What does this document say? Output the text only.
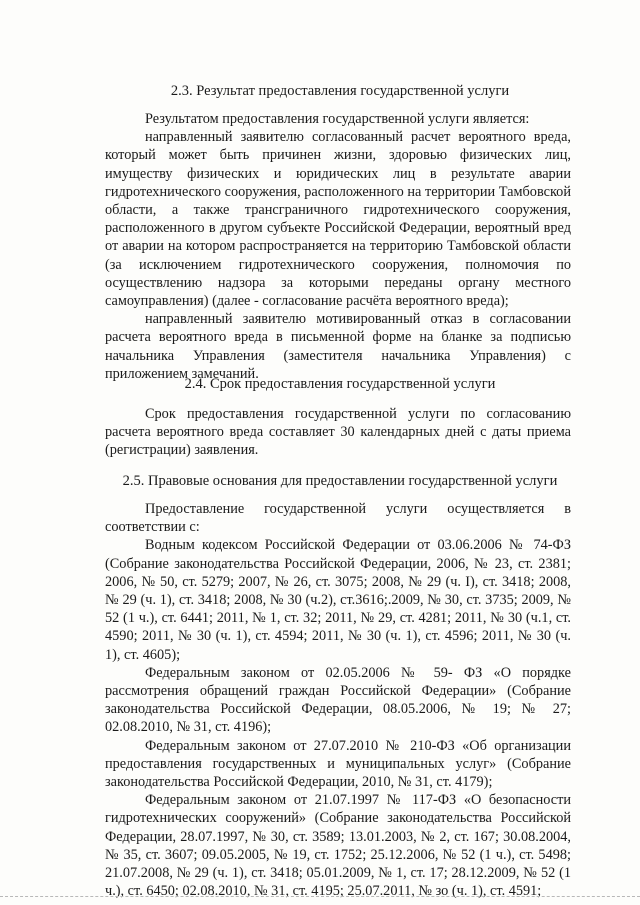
2.3. Результат предоставления государственной услуги

Результатом предоставления государственной услуги является:

направленный заявителю согласованный расчет вероятного вреда, который может быть причинен жизни, здоровью физических лиц, имуществу физических и юридических лиц в результате аварии гидротехнического сооружения, расположенного на территории Тамбовской области, а также трансграничного гидротехнического сооружения, расположенного в другом субъекте Российской Федерации, вероятный вред от аварии на котором распространяется на территорию Тамбовской области (за исключением гидротехнического сооружения, полномочия по осуществлению надзора за которыми переданы органу местного самоуправления) (далее - согласование расчёта вероятного вреда);

направленный заявителю мотивированный отказ в согласовании расчета вероятного вреда в письменной форме на бланке за подписью начальника Управления (заместителя начальника Управления) с приложением замечаний.

2.4. Срок предоставления государственной услуги

Срок предоставления государственной услуги по согласованию расчета вероятного вреда составляет 30 календарных дней с даты приема (регистрации) заявления.

2.5. Правовые основания для предоставлении государственной услуги

Предоставление государственной услуги осуществляется в соответствии с:

Водным кодексом Российской Федерации от 03.06.2006 № 74-ФЗ (Собрание законодательства Российской Федерации, 2006, № 23, ст. 2381; 2006, № 50, ст. 5279; 2007, № 26, ст. 3075; 2008, № 29 (ч. I), ст. 3418; 2008, № 29 (ч. 1), ст. 3418; 2008, № 30 (ч.2), ст.3616;.2009, № 30, ст. 3735; 2009, № 52 (1 ч.), ст. 6441; 2011, № 1, ст. 32; 2011, № 29, ст. 4281; 2011, № 30 (ч.1, ст. 4590; 2011, № 30 (ч. 1), ст. 4594; 2011, № 30 (ч. 1), ст. 4596; 2011, № 30 (ч. 1), ст. 4605);

Федеральным законом от 02.05.2006 № 59- ФЗ «О порядке рассмотрения обращений граждан Российской Федерации» (Собрание законодательства Российской Федерации, 08.05.2006, № 19; № 27; 02.08.2010, № 31, ст. 4196);

Федеральным законом от 27.07.2010 № 210-ФЗ «Об организации предоставления государственных и муниципальных услуг» (Собрание законодательства Российской Федерации, 2010, № 31, ст. 4179);

Федеральным законом от 21.07.1997 № 117-ФЗ «О безопасности гидротехнических сооружений» (Собрание законодательства Российской Федерации, 28.07.1997, № 30, ст. 3589; 13.01.2003, № 2, ст. 167; 30.08.2004, № 35, ст. 3607; 09.05.2005, № 19, ст. 1752; 25.12.2006, № 52 (1 ч.), ст. 5498; 21.07.2008, № 29 (ч. 1), ст. 3418; 05.01.2009, № 1, ст. 17; 28.12.2009, № 52 (1 ч.), ст. 6450; 02.08.2010, № 31, ст. 4195; 25.07.2011, № зо (ч. 1), ст. 4591;
